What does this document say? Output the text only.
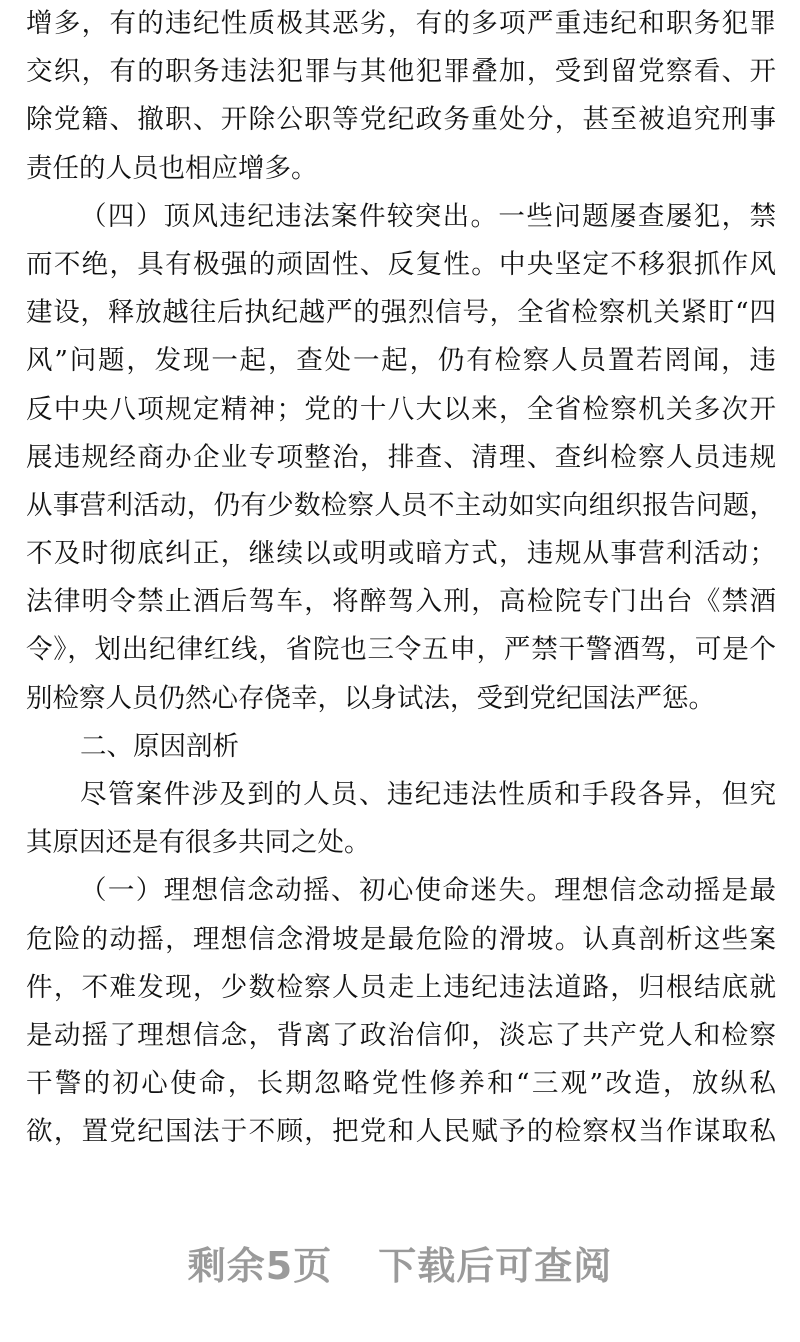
增多，有的违纪性质极其恶劣，有的多项严重违纪和职务犯罪
交织，有的职务违法犯罪与其他犯罪叠加，受到留党察看、开
除党籍、撤职、开除公职等党纪政务重处分，甚至被追究刑事
责任的人员也相应增多。
（四）顶风违纪违法案件较突出。一些问题屡查屡犯，禁
而不绝，具有极强的顽固性、反复性。中央坚定不移狠抓作风
建设，释放越往后执纪越严的强烈信号，全省检察机关紧盯“四
风”问题，发现一起，查处一起，仍有检察人员置若罔闻，违
反中央八项规定精神；党的十八大以来，全省检察机关多次开
展违规经商办企业专项整治，排查、清理、查纠检察人员违规
从事营利活动，仍有少数检察人员不主动如实向组织报告问题，
不及时彻底纠正，继续以或明或暗方式，违规从事营利活动；
法律明令禁止酒后驾车，将醉驾入刑，高检院专门出台《禁酒
令》，划出纪律红线，省院也三令五申，严禁干警酒驾，可是个
别检察人员仍然心存侥幸，以身试法，受到党纪国法严惩。
二、原因剖析
尽管案件涉及到的人员、违纪违法性质和手段各异，但究
其原因还是有很多共同之处。
（一）理想信念动摇、初心使命迷失。理想信念动摇是最
危险的动摇，理想信念滑坡是最危险的滑坡。认真剖析这些案
件，不难发现，少数检察人员走上违纪违法道路，归根结底就
是动摇了理想信念，背离了政治信仰，淡忘了共产党人和检察
干警的初心使命，长期忽略党性修养和“三观”改造，放纵私
欲，置党纪国法于不顾，把党和人民赋予的检察权当作谋取私
剩余5页 下载后可查阅
